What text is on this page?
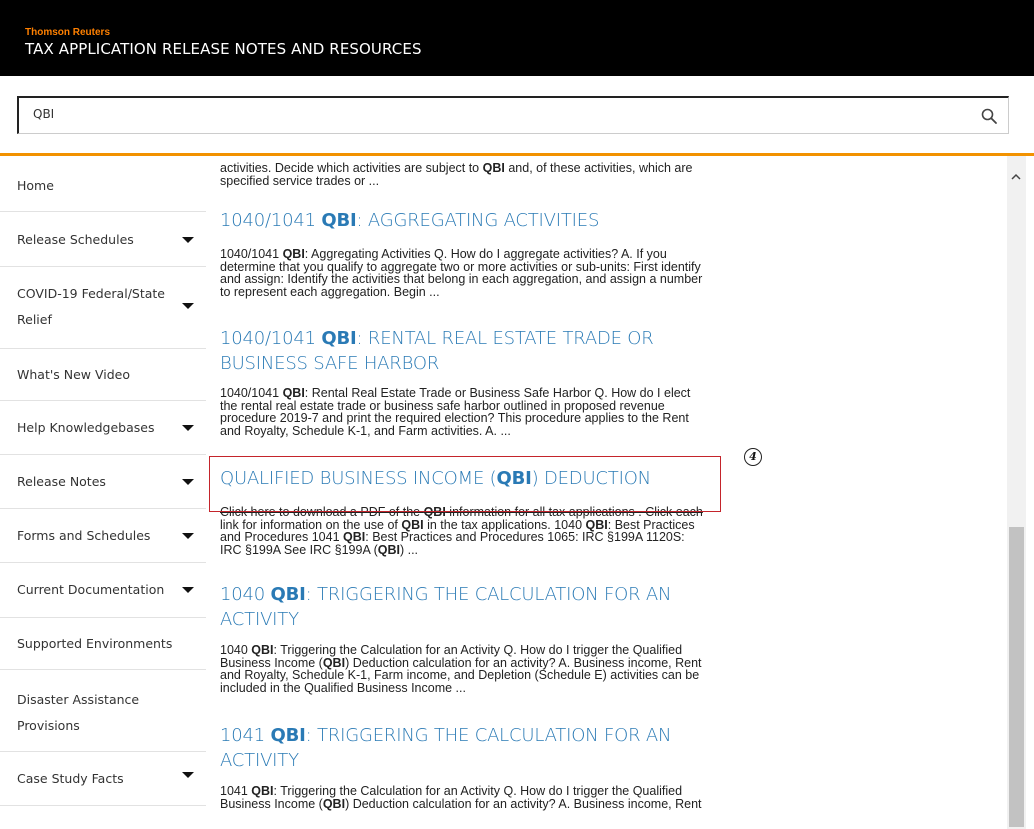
Thomson Reuters
TAX APPLICATION RELEASE NOTES AND RESOURCES
QBI
Home
Release Schedules
COVID-19 Federal/State
Relief
What's New Video
Help Knowledgebases
Release Notes
Forms and Schedules
Current Documentation
Supported Environments
Disaster Assistance
Provisions
Case Study Facts
activities. Decide which activities are subject to QBI and, of these activities, which are
specified service trades or ...
1040/1041 QBI: AGGREGATING ACTIVITIES
1040/1041 QBI: Aggregating Activities Q. How do I aggregate activities? A. If you
determine that you qualify to aggregate two or more activities or sub-units: First identify
and assign: Identify the activities that belong in each aggregation, and assign a number
to represent each aggregation. Begin ...
1040/1041 QBI: RENTAL REAL ESTATE TRADE OR
BUSINESS SAFE HARBOR
1040/1041 QBI: Rental Real Estate Trade or Business Safe Harbor Q. How do I elect
the rental real estate trade or business safe harbor outlined in proposed revenue
procedure 2019-7 and print the required election? This procedure applies to the Rent
and Royalty, Schedule K-1, and Farm activities. A. ...
QUALIFIED BUSINESS INCOME (QBI) DEDUCTION
Click here to download a PDF of the QBI information for all tax applications . Click each
link for information on the use of QBI in the tax applications. 1040 QBI: Best Practices
and Procedures 1041 QBI: Best Practices and Procedures 1065: IRC §199A 1120S:
IRC §199A See IRC §199A (QBI) ...
1040 QBI: TRIGGERING THE CALCULATION FOR AN
ACTIVITY
1040 QBI: Triggering the Calculation for an Activity Q. How do I trigger the Qualified
Business Income (QBI) Deduction calculation for an activity? A. Business income, Rent
and Royalty, Schedule K-1, Farm income, and Depletion (Schedule E) activities can be
included in the Qualified Business Income ...
1041 QBI: TRIGGERING THE CALCULATION FOR AN
ACTIVITY
1041 QBI: Triggering the Calculation for an Activity Q. How do I trigger the Qualified
Business Income (QBI) Deduction calculation for an activity? A. Business income, Rent
4
